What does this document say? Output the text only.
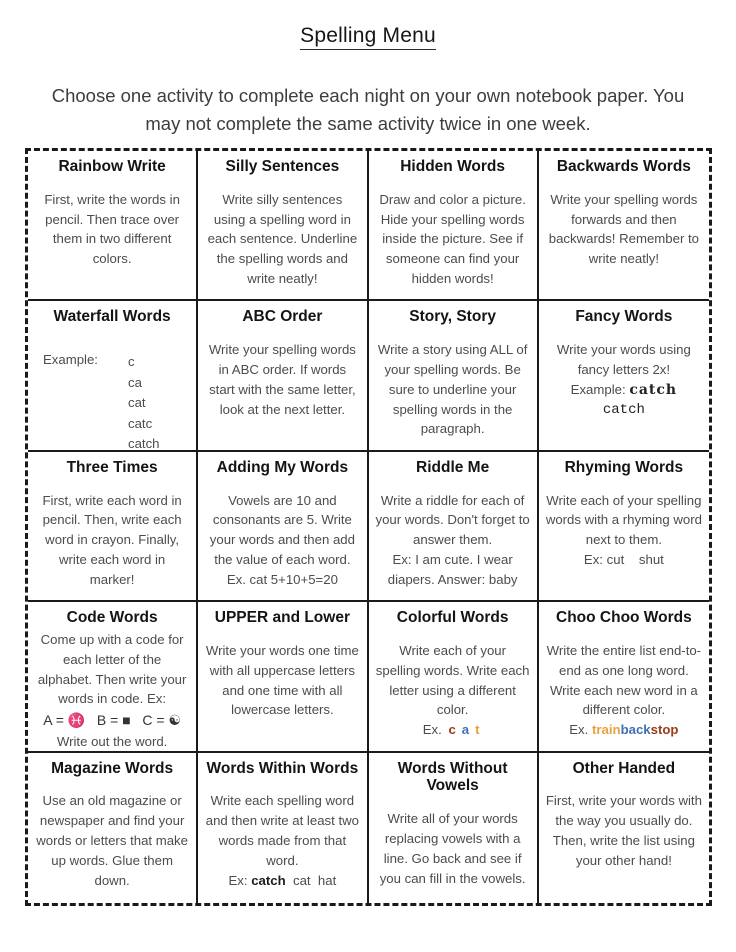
Spelling Menu
Choose one activity to complete each night on your own notebook paper. You may not complete the same activity twice in one week.
Rainbow Write
First, write the words in pencil. Then trace over them in two different colors.
Silly Sentences
Write silly sentences using a spelling word in each sentence. Underline the spelling words and write neatly!
Hidden Words
Draw and color a picture. Hide your spelling words inside the picture. See if someone can find your hidden words!
Backwards Words
Write your spelling words forwards and then backwards! Remember to write neatly!
Waterfall Words
Example: c
ca
cat
catc
catch
ABC Order
Write your spelling words in ABC order. If words start with the same letter, look at the next letter.
Story, Story
Write a story using ALL of your spelling words. Be sure to underline your spelling words in the paragraph.
Fancy Words
Write your words using fancy letters 2x!
Example: catch
catch
Three Times
First, write each word in pencil. Then, write each word in crayon. Finally, write each word in marker!
Adding My Words
Vowels are 10 and consonants are 5. Write your words and then add the value of each word.
Ex. cat 5+10+5=20
Riddle Me
Write a riddle for each of your words. Don't forget to answer them.
Ex: I am cute. I wear diapers. Answer: baby
Rhyming Words
Write each of your spelling words with a rhyming word next to them.
Ex: cut    shut
Code Words
Come up with a code for each letter of the alphabet. Then write your words in code. Ex:
A = ♓   B = ■   C = ☯
Write out the word.
UPPER and Lower
Write your words one time with all uppercase letters and one time with all lowercase letters.
Colorful Words
Write each of your spelling words. Write each letter using a different color.
Ex. c a t
Choo Choo Words
Write the entire list end-to-end as one long word. Write each new word in a different color.
Ex. trainbackstop
Magazine Words
Use an old magazine or newspaper and find your words or letters that make up words. Glue them down.
Words Within Words
Write each spelling word and then write at least two words made from that word.
Ex: catch  cat  hat
Words Without Vowels
Write all of your words replacing vowels with a line. Go back and see if you can fill in the vowels.
Other Handed
First, write your words with the way you usually do. Then, write the list using your other hand!
